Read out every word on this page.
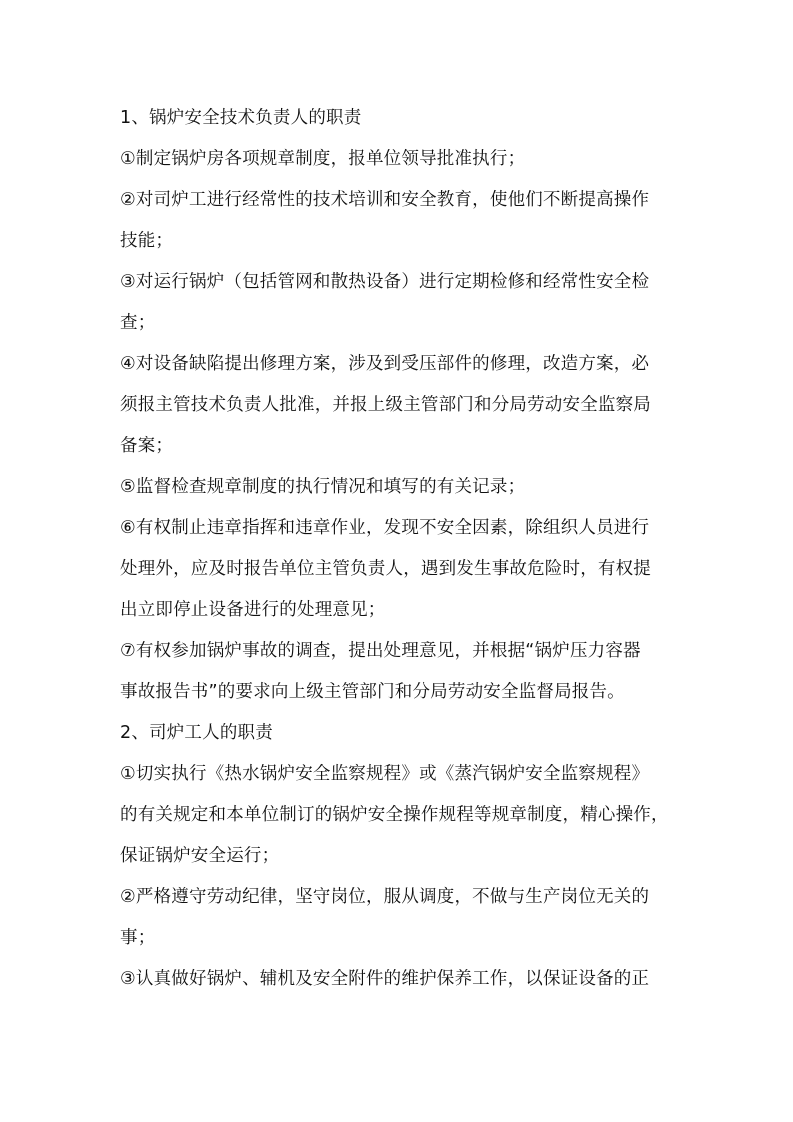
1、锅炉安全技术负责人的职责
①制定锅炉房各项规章制度，报单位领导批准执行；
②对司炉工进行经常性的技术培训和安全教育，使他们不断提高操作
技能；
③对运行锅炉（包括管网和散热设备）进行定期检修和经常性安全检
查；
④对设备缺陷提出修理方案，涉及到受压部件的修理，改造方案，必
须报主管技术负责人批准，并报上级主管部门和分局劳动安全监察局
备案；
⑤监督检查规章制度的执行情况和填写的有关记录；
⑥有权制止违章指挥和违章作业，发现不安全因素，除组织人员进行
处理外，应及时报告单位主管负责人，遇到发生事故危险时，有权提
出立即停止设备进行的处理意见；
⑦有权参加锅炉事故的调查，提出处理意见，并根据“锅炉压力容器
事故报告书”的要求向上级主管部门和分局劳动安全监督局报告。
2、司炉工人的职责
①切实执行《热水锅炉安全监察规程》或《蒸汽锅炉安全监察规程》
的有关规定和本单位制订的锅炉安全操作规程等规章制度，精心操作，
保证锅炉安全运行；
②严格遵守劳动纪律，坚守岗位，服从调度，不做与生产岗位无关的
事；
③认真做好锅炉、辅机及安全附件的维护保养工作，以保证设备的正
